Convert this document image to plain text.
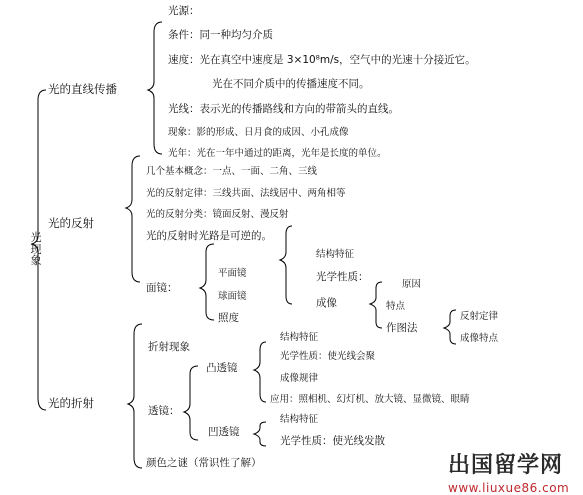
光现象
光的直线传播
光的反射
光的折射
光源：
条件：同一种均匀介质
速度：光在真空中速度是 3×10⁸m/s，空气中的光速十分接近它。
光在不同介质中的传播速度不同。
光线：表示光的传播路线和方向的带箭头的直线。
现象：影的形成、日月食的成因、小孔成像
光年：光在一年中通过的距离，光年是长度的单位。
几个基本概念：一点、一面、二角、三线
光的反射定律：三线共面、法线居中、两角相等
光的反射分类：镜面反射、漫反射
光的反射时光路是可逆的。
面镜：
平面镜
球面镜
照度
结构特征
光学性质：
成像
原因
特点
作图法
反射定律
成像特点
折射现象
透镜：
凸透镜
结构特征
光学性质：使光线会聚
成像规律
应用：照相机、幻灯机、放大镜、显微镜、眼睛
凹透镜
结构特征
光学性质：使光线发散
颜色之谜（常识性了解）	出国留学网
www.liuxue86.com
